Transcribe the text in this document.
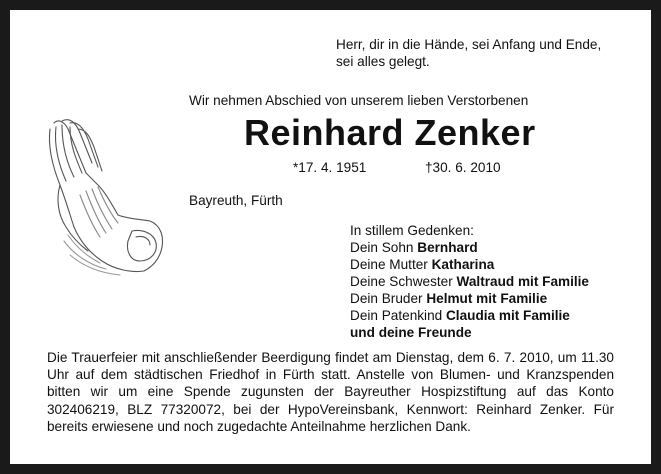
Herr, dir in die Hände, sei Anfang und Ende,
sei alles gelegt.
Wir nehmen Abschied von unserem lieben Verstorbenen
Reinhard Zenker
*17. 4. 1951	†30. 6. 2010
Bayreuth, Fürth
In stillem Gedenken:
Dein Sohn Bernhard
Deine Mutter Katharina
Deine Schwester Waltraud mit Familie
Dein Bruder Helmut mit Familie
Dein Patenkind Claudia mit Familie
und deine Freunde
Die Trauerfeier mit anschließender Beerdigung findet am Dienstag, dem 6. 7. 2010, um 11.30 Uhr auf dem städtischen Friedhof in Fürth statt. Anstelle von Blumen- und Kranzspenden bitten wir um eine Spende zugunsten der Bayreuther Hospizstiftung auf das Konto 302406219, BLZ 77320072, bei der HypoVereinsbank, Kennwort: Reinhard Zenker. Für bereits erwiesene und noch zugedachte Anteilnahme herzlichen Dank.
